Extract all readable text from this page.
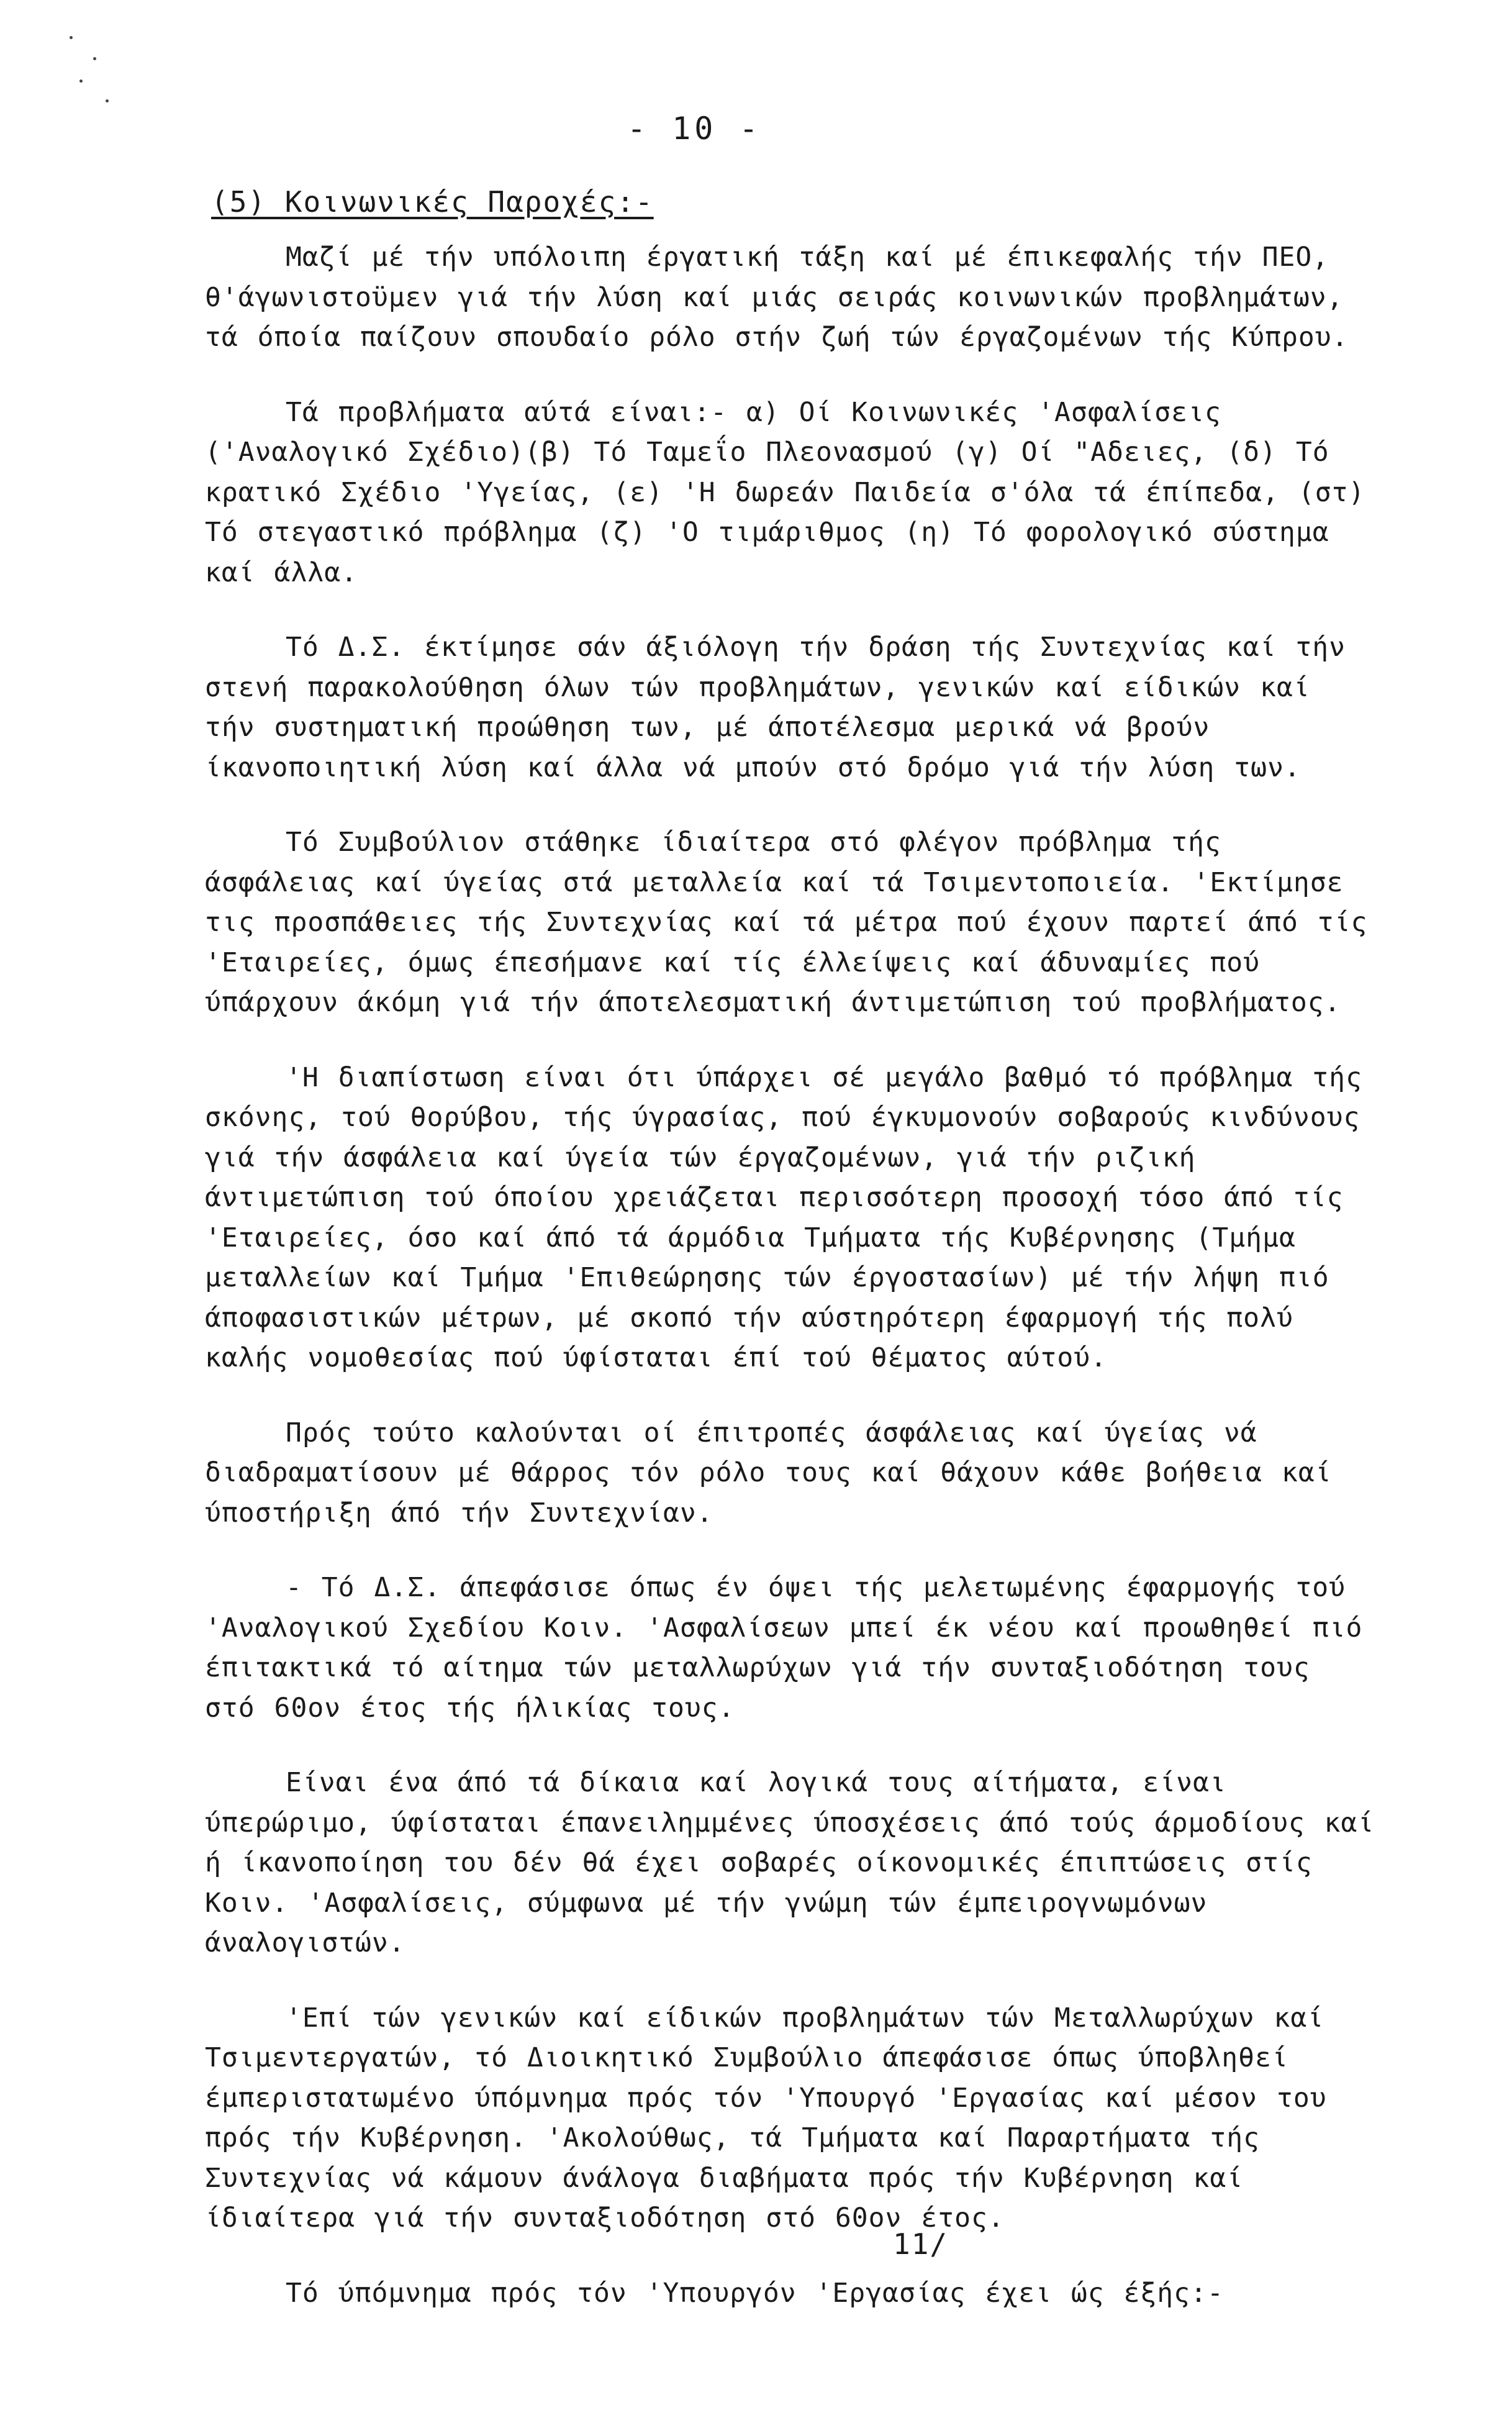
- 10 -
(5) Κοινωνικές Παροχές:-

Μαζί μέ τήν υπόλοιπη έργατική τάξη καί μέ έπικεφαλής τήν ΠΕΟ, θ'άγωνιστοϋμεν γιά τήν λύση καί μιάς σειράς κοινωνικών προβλημάτων, τά όποία παίζουν σπουδαίο ρόλο στήν ζωή τών έργαζομένων τής Κύπρου.

Τά προβλήματα αύτά είναι:- α) Οί Κοινωνικές 'Ασφαλίσεις ('Αναλογικό Σχέδιο)(β) Τό Ταμεΐο Πλεονασμού (γ) Οί "Αδειες, (δ) Τό κρατικό Σχέδιο 'Υγείας, (ε) 'Η δωρεάν Παιδεία σ'όλα τά έπίπεδα, (στ) Τό στεγαστικό πρόβλημα (ζ) 'Ο τιμάριθμος (η) Τό φορολογικό σύστημα καί άλλα.

Τό Δ.Σ. έκτίμησε σάν άξιόλογη τήν δράση τής Συντεχνίας καί τήν στενή παρακολούθηση όλων τών προβλημάτων, γενικών καί είδικών καί τήν συστηματική προώθηση των, μέ άποτέλεσμα μερικά νά βρούν ίκανοποιητική λύση καί άλλα νά μπούν στό δρόμο γιά τήν λύση των.

Τό Συμβούλιον στάθηκε ίδιαίτερα στό φλέγον πρόβλημα τής άσφάλειας καί ύγείας στά μεταλλεία καί τά Τσιμεντοποιεία. 'Εκτίμησε τις προσπάθειες τής Συντεχνίας καί τά μέτρα πού έχουν παρτεί άπό τίς 'Εταιρείες, όμως έπεσήμανε καί τίς έλλείψεις καί άδυναμίες πού ύπάρχουν άκόμη γιά τήν άποτελεσματική άντιμετώπιση τού προβλήματος.

'Η διαπίστωση είναι ότι ύπάρχει σέ μεγάλο βαθμό τό πρόβλημα τής σκόνης, τού θορύβου, τής ύγρασίας, πού έγκυμονούν σοβαρούς κινδύνους γιά τήν άσφάλεια καί ύγεία τών έργαζομένων, γιά τήν ριζική άντιμετώπιση τού όποίου χρειάζεται περισσότερη προσοχή τόσο άπό τίς 'Εταιρείες, όσο καί άπό τά άρμόδια Τμήματα τής Κυβέρνησης (Τμήμα μεταλλείων καί Τμήμα 'Επιθεώρησης τών έργοστασίων) μέ τήν λήψη πιό άποφασιστικών μέτρων, μέ σκοπό τήν αύστηρότερη έφαρμογή τής πολύ καλής νομοθεσίας πού ύφίσταται έπί τού θέματος αύτού.

Πρός τούτο καλούνται οί έπιτροπές άσφάλειας καί ύγείας νά διαδραματίσουν μέ θάρρος τόν ρόλο τους καί θάχουν κάθε βοήθεια καί ύποστήριξη άπό τήν Συντεχνίαν.

- Τό Δ.Σ. άπεφάσισε όπως έν όψει τής μελετωμένης έφαρμογής τού 'Αναλογικού Σχεδίου Κοιν. 'Ασφαλίσεων μπεί έκ νέου καί προωθηθεί πιό έπιτακτικά τό αίτημα τών μεταλλωρύχων γιά τήν συνταξιοδότηση τους στό 60ον έτος τής ήλικίας τους.

Είναι ένα άπό τά δίκαια καί λογικά τους αίτήματα, είναι ύπερώριμο, ύφίσταται έπανειλημμένες ύποσχέσεις άπό τούς άρμοδίους καί ή ίκανοποίηση του δέν θά έχει σοβαρές οίκονομικές έπιπτώσεις στίς Κοιν. 'Ασφαλίσεις, σύμφωνα μέ τήν γνώμη τών έμπειρογνωμόνων άναλογιστών.

'Επί τών γενικών καί είδικών προβλημάτων τών Μεταλλωρύχων καί Τσιμεντεργατών, τό Διοικητικό Συμβούλιο άπεφάσισε όπως ύποβληθεί έμπεριστατωμένο ύπόμνημα πρός τόν 'Υπουργό 'Εργασίας καί μέσον του πρός τήν Κυβέρνηση. 'Ακολούθως, τά Τμήματα καί Παραρτήματα τής Συντεχνίας νά κάμουν άνάλογα διαβήματα πρός τήν Κυβέρνηση καί ίδιαίτερα γιά τήν συνταξιοδότηση στό 60ον έτος.

Τό ύπόμνημα πρός τόν 'Υπουργόν 'Εργασίας έχει ώς έξής:-

11/
